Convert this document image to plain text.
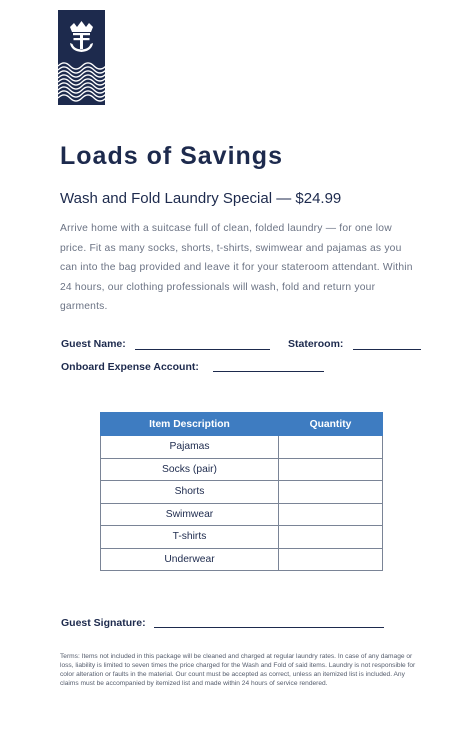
Loads of Savings
Wash and Fold Laundry Special — $24.99
Arrive home with a suitcase full of clean, folded laundry — for one low price. Fit as many socks, shorts, t-shirts, swimwear and pajamas as you can into the bag provided and leave it for your stateroom attendant. Within 24 hours, our clothing professionals will wash, fold and return your garments.
Guest Name:	Stateroom:
Onboard Expense Account:
Item Description	Quantity
Pajamas	
Socks (pair)	
Shorts	
Swimwear	
T-shirts	
Underwear	
Guest Signature:
Terms: Items not included in this package will be cleaned and charged at regular laundry rates. In case of any damage or loss, liability is limited to seven times the price charged for the Wash and Fold of said items. Laundry is not responsible for color alteration or faults in the material. Our count must be accepted as correct, unless an itemized list is included. Any claims must be accompanied by itemized list and made within 24 hours of service rendered.
